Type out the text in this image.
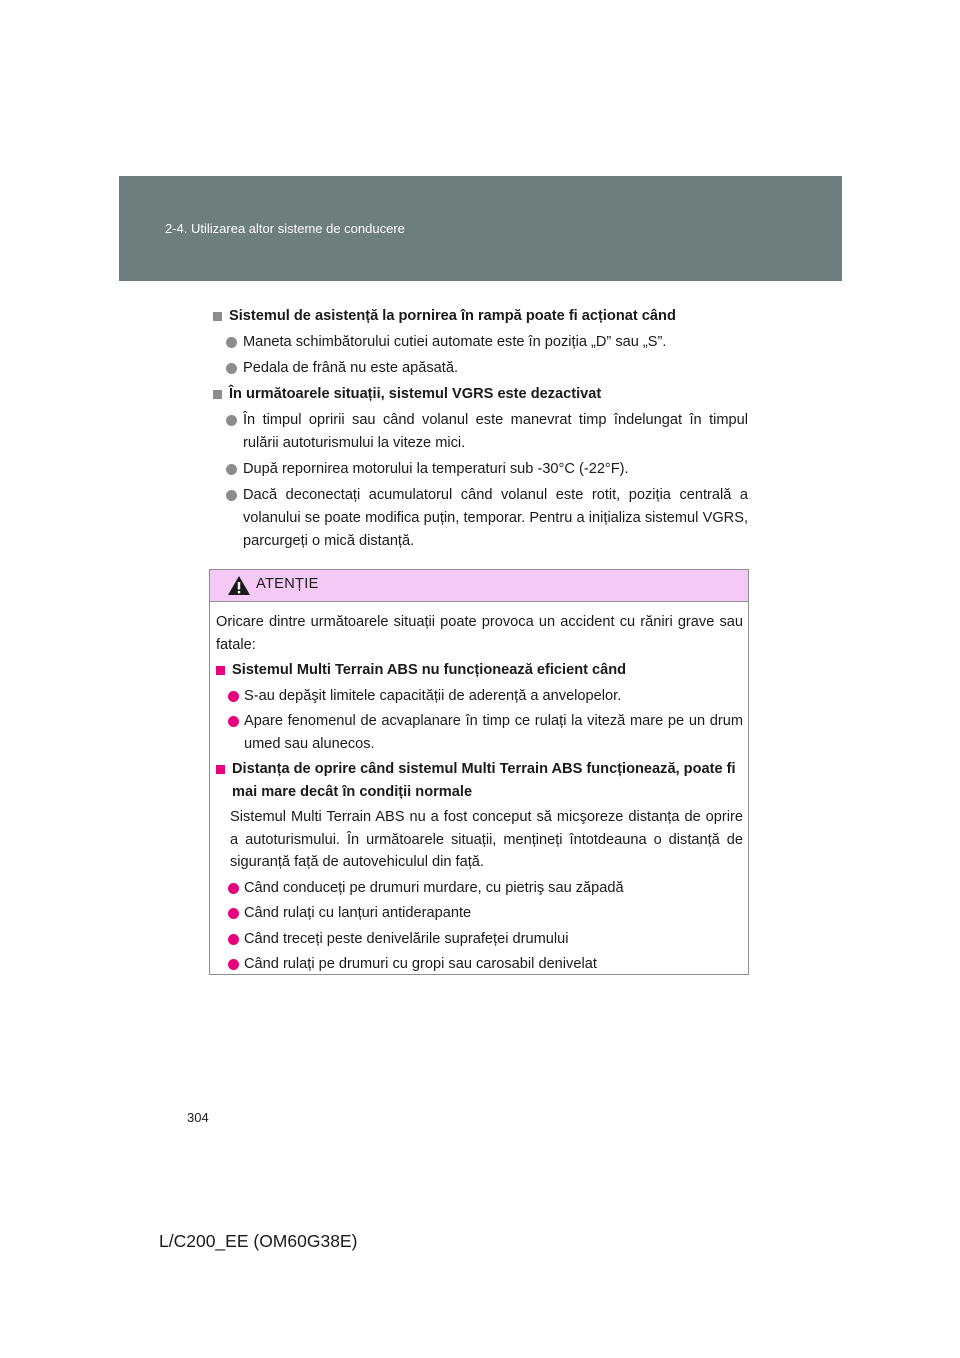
2-4. Utilizarea altor sisteme de conducere
Sistemul de asistență la pornirea în rampă poate fi acționat când
Maneta schimbătorului cutiei automate este în poziția „D” sau „S”.
Pedala de frână nu este apăsată.
În următoarele situații, sistemul VGRS este dezactivat
În timpul opririi sau când volanul este manevrat timp îndelungat în timpul rulării autoturismului la viteze mici.
După repornirea motorului la temperaturi sub -30°C (-22°F).
Dacă deconectați acumulatorul când volanul este rotit, poziția centrală a volanului se poate modifica puțin, temporar. Pentru a inițializa sistemul VGRS, parcurgeți o mică distanță.
ATENȚIE
Oricare dintre următoarele situații poate provoca un accident cu răniri grave sau fatale:
Sistemul Multi Terrain ABS nu funcționează eficient când
S-au depăşit limitele capacității de aderență a anvelopelor.
Apare fenomenul de acvaplanare în timp ce rulați la viteză mare pe un drum umed sau alunecos.
Distanța de oprire când sistemul Multi Terrain ABS funcționează, poate fi mai mare decât în condiții normale
Sistemul Multi Terrain ABS nu a fost conceput să micşoreze distanța de oprire a autoturismului. În următoarele situații, mențineți întotdeauna o distanță de siguranță față de autovehiculul din față.
Când conduceți pe drumuri murdare, cu pietriş sau zăpadă
Când rulați cu lanțuri antiderapante
Când treceți peste denivelările suprafeței drumului
Când rulați pe drumuri cu gropi sau carosabil denivelat
304
L/C200_EE (OM60G38E)
